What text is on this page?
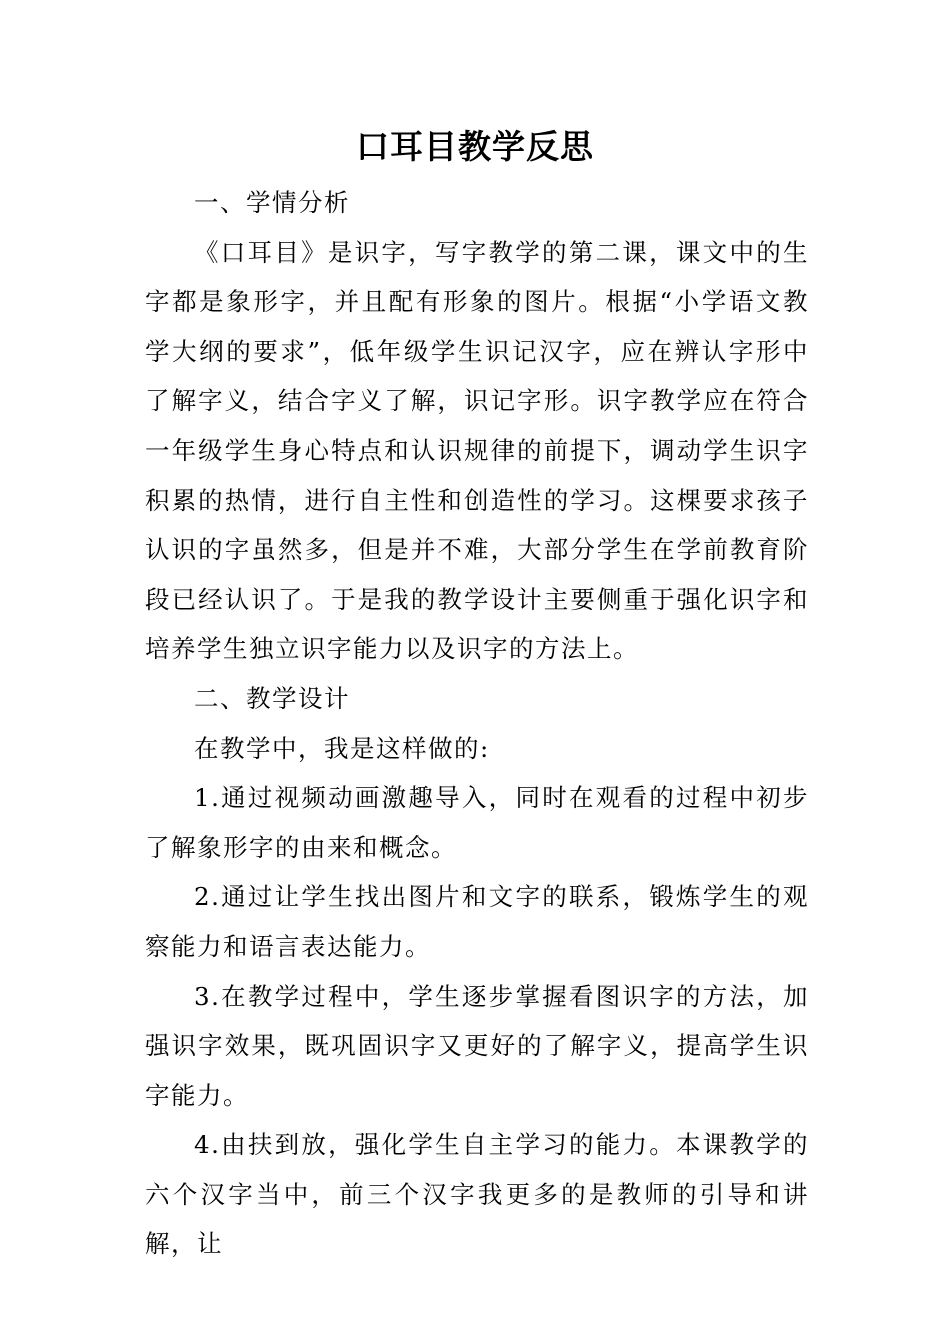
口耳目教学反思

一、学情分析

《口耳目》是识字，写字教学的第二课，课文中的生字都是象形字，并且配有形象的图片。根据“小学语文教学大纲的要求”，低年级学生识记汉字，应在辨认字形中了解字义，结合字义了解，识记字形。识字教学应在符合一年级学生身心特点和认识规律的前提下，调动学生识字积累的热情，进行自主性和创造性的学习。这棵要求孩子认识的字虽然多，但是并不难，大部分学生在学前教育阶段已经认识了。于是我的教学设计主要侧重于强化识字和培养学生独立识字能力以及识字的方法上。

二、教学设计

在教学中，我是这样做的:

1.通过视频动画激趣导入，同时在观看的过程中初步了解象形字的由来和概念。

2.通过让学生找出图片和文字的联系，锻炼学生的观察能力和语言表达能力。

3.在教学过程中，学生逐步掌握看图识字的方法，加强识字效果，既巩固识字又更好的了解字义，提高学生识字能力。

4.由扶到放，强化学生自主学习的能力。本课教学的六个汉字当中，前三个汉字我更多的是教师的引导和讲解，让
